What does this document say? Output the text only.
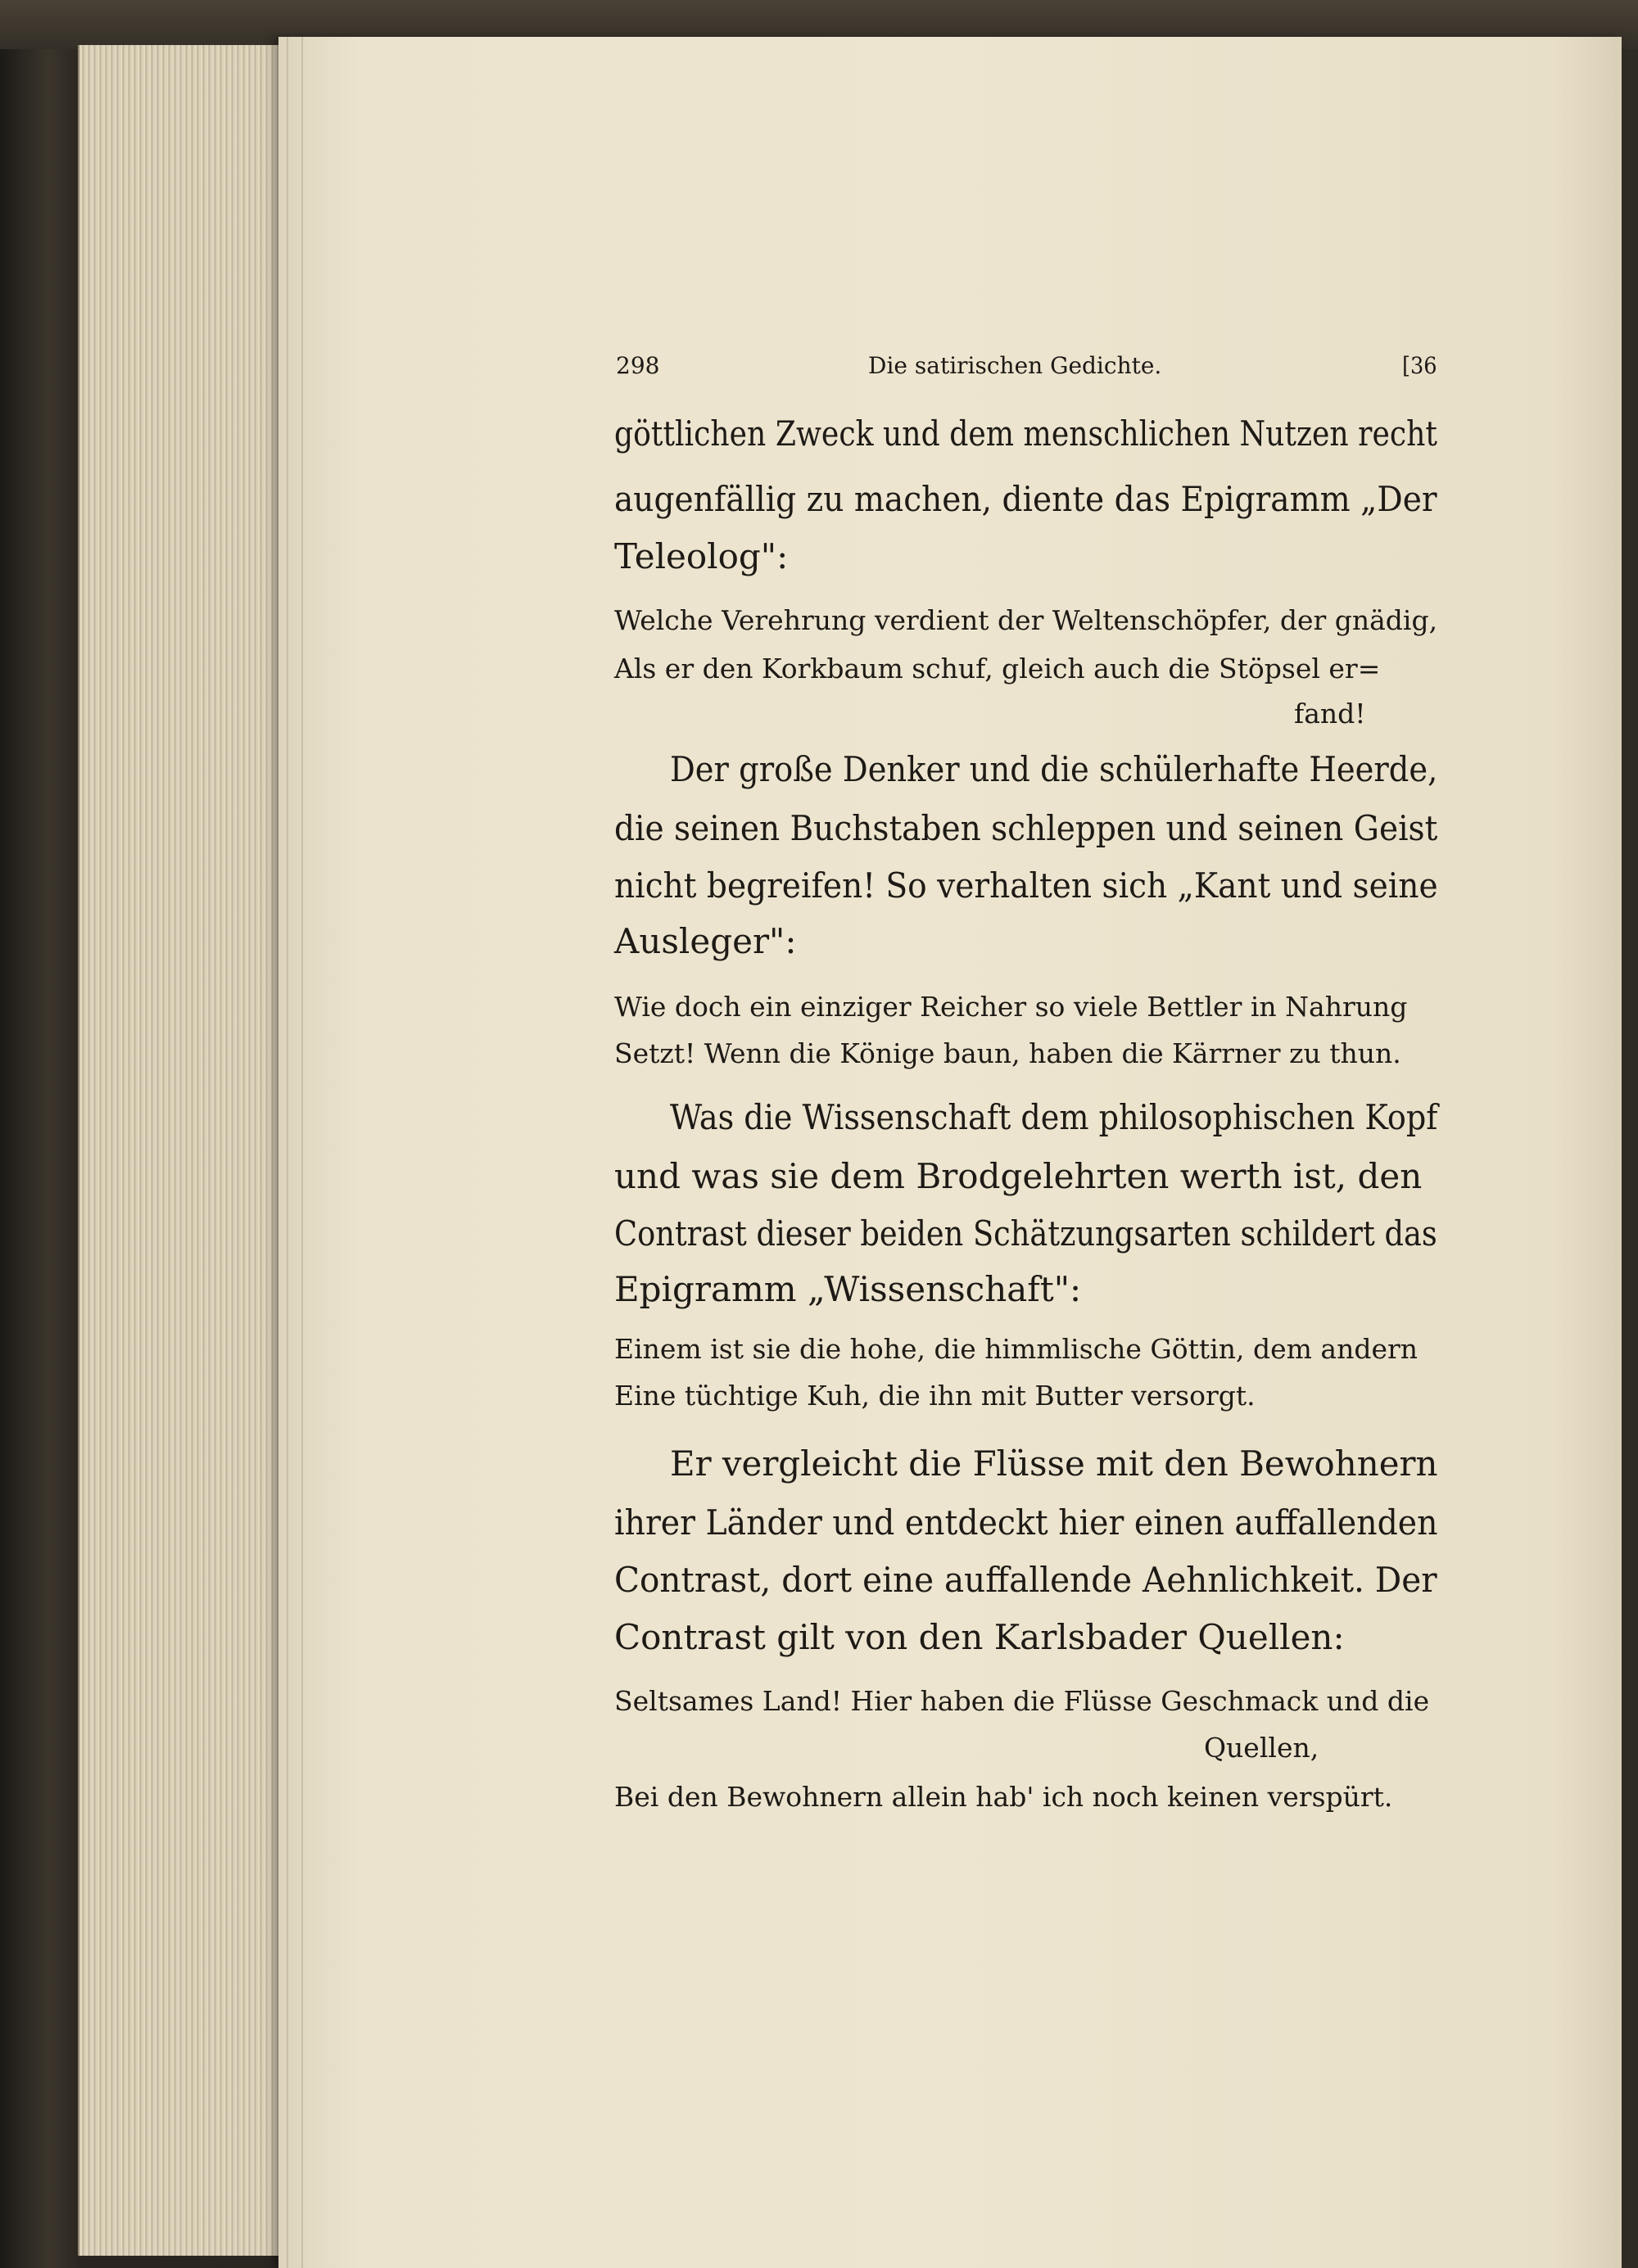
298	Die satirischen Gedichte.	[36
göttlichen Zweck und dem menschlichen Nutzen recht
augenfällig zu machen, diente das Epigramm „Der
Teleolog":
Welche Verehrung verdient der Weltenschöpfer, der gnädig,
Als er den Korkbaum schuf, gleich auch die Stöpsel er=
fand!
Der große Denker und die schülerhafte Heerde,
die seinen Buchstaben schleppen und seinen Geist
nicht begreifen! So verhalten sich „Kant und seine
Ausleger":
Wie doch ein einziger Reicher so viele Bettler in Nahrung
Setzt! Wenn die Könige baun, haben die Kärrner zu thun.
Was die Wissenschaft dem philosophischen Kopf
und was sie dem Brodgelehrten werth ist, den
Contrast dieser beiden Schätzungsarten schildert das
Epigramm „Wissenschaft":
Einem ist sie die hohe, die himmlische Göttin, dem andern
Eine tüchtige Kuh, die ihn mit Butter versorgt.
Er vergleicht die Flüsse mit den Bewohnern
ihrer Länder und entdeckt hier einen auffallenden
Contrast, dort eine auffallende Aehnlichkeit. Der
Contrast gilt von den Karlsbader Quellen:
Seltsames Land! Hier haben die Flüsse Geschmack und die
Quellen,
Bei den Bewohnern allein hab' ich noch keinen verspürt.
